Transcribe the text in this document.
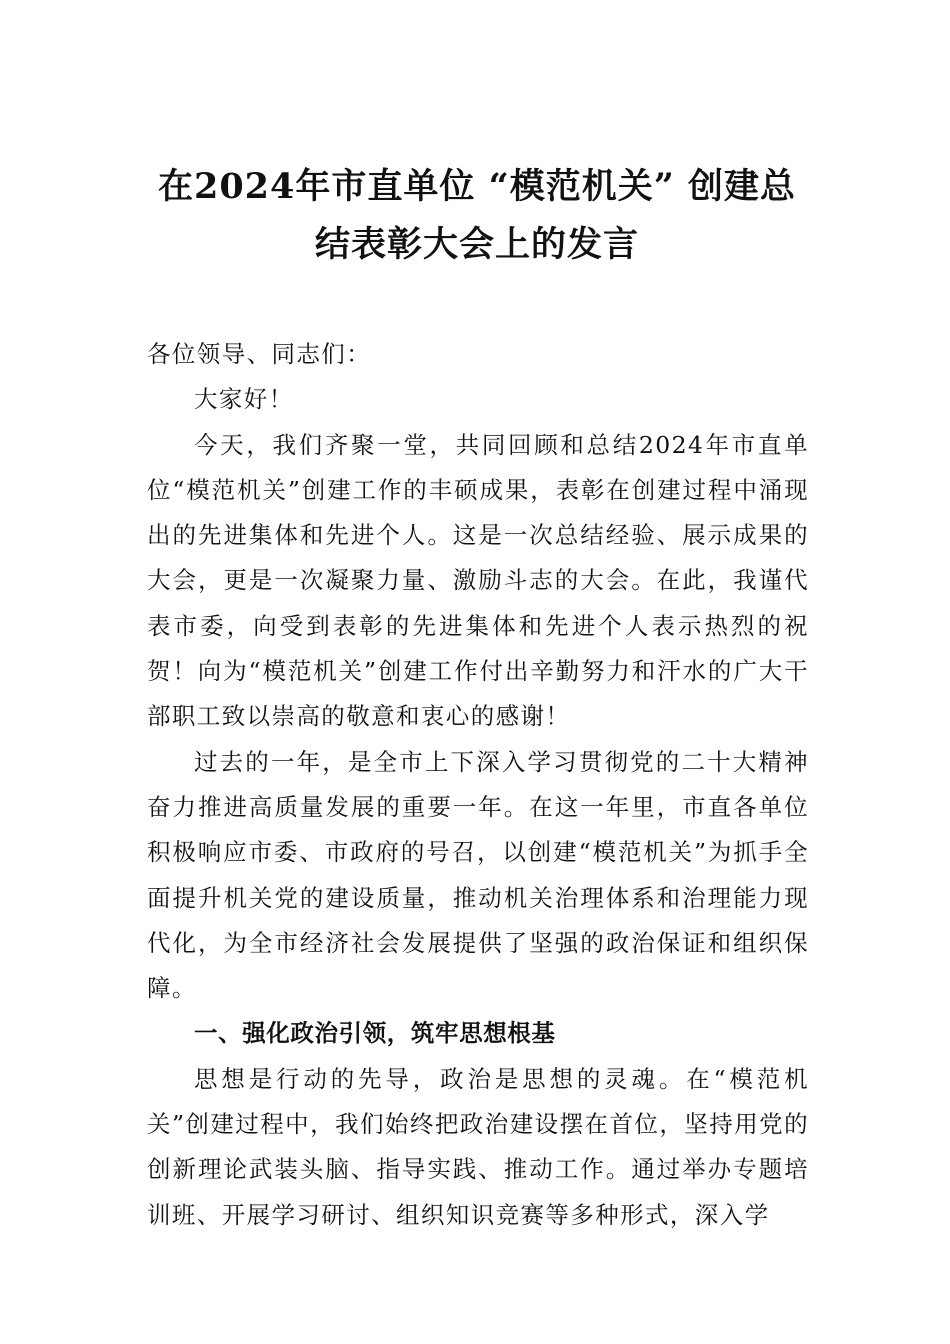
在2024年市直单位 “模范机关” 创建总
结表彰大会上的发言

各位领导、同志们：

大家好！

今天，我们齐聚一堂，共同回顾和总结2024年市直单位“模范机关”创建工作的丰硕成果，表彰在创建过程中涌现出的先进集体和先进个人。这是一次总结经验、展示成果的大会，更是一次凝聚力量、激励斗志的大会。在此，我谨代表市委，向受到表彰的先进集体和先进个人表示热烈的祝贺！向为“模范机关”创建工作付出辛勤努力和汗水的广大干部职工致以崇高的敬意和衷心的感谢！

过去的一年，是全市上下深入学习贯彻党的二十大精神奋力推进高质量发展的重要一年。在这一年里，市直各单位积极响应市委、市政府的号召，以创建“模范机关”为抓手全面提升机关党的建设质量，推动机关治理体系和治理能力现代化，为全市经济社会发展提供了坚强的政治保证和组织保障。

一、强化政治引领，筑牢思想根基

思想是行动的先导，政治是思想的灵魂。在“模范机关”创建过程中，我们始终把政治建设摆在首位，坚持用党的创新理论武装头脑、指导实践、推动工作。通过举办专题培训班、开展学习研讨、组织知识竞赛等多种形式，深入学
